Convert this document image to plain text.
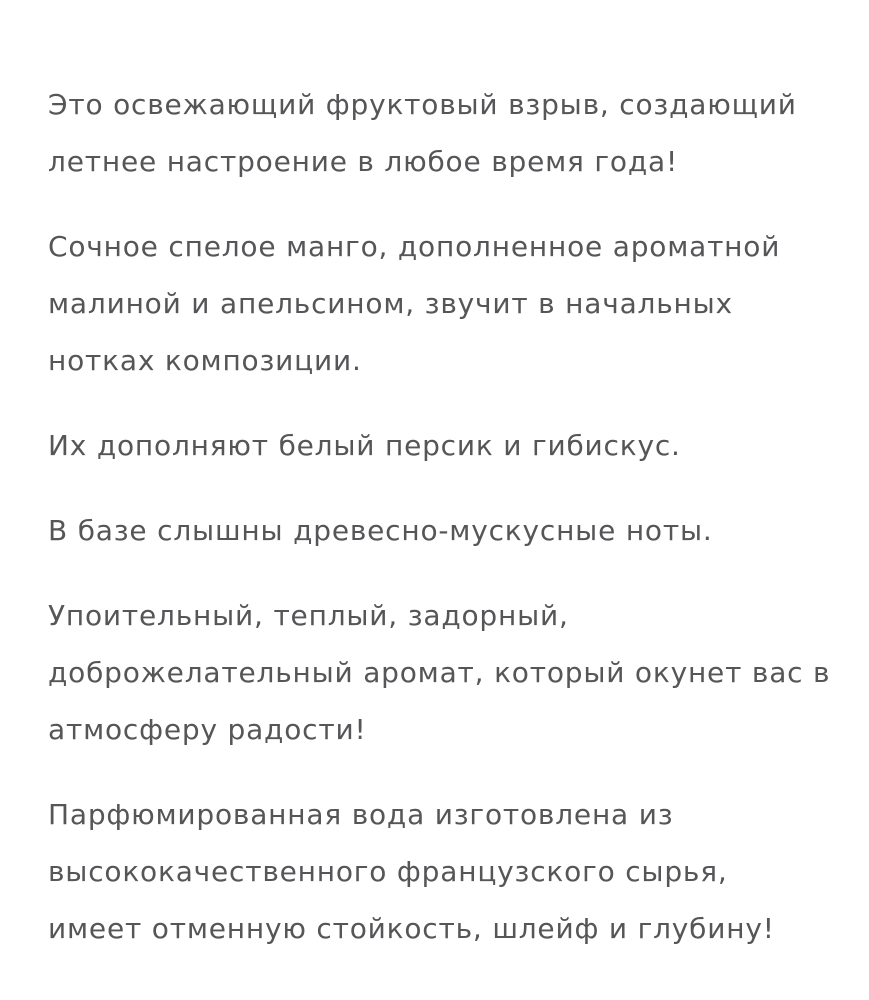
Это освежающий фруктовый взрыв, создающий
летнее настроение в любое время года!

Сочное спелое манго, дополненное ароматной
малиной и апельсином, звучит в начальных
нотках композиции.

Их дополняют белый персик и гибискус.

В базе слышны древесно-мускусные ноты.

Упоительный, теплый, задорный,
доброжелательный аромат, который окунет вас в
атмосферу радости!

Парфюмированная вода изготовлена из
высококачественного французского сырья,
имеет отменную стойкость, шлейф и глубину!
